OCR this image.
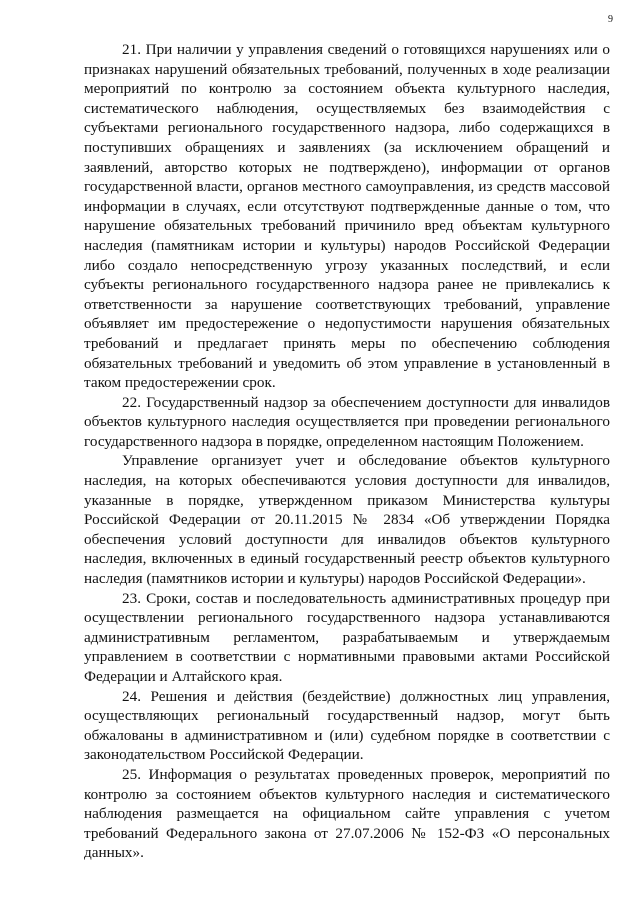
9

21. При наличии у управления сведений о готовящихся нарушениях или о признаках нарушений обязательных требований, полученных в ходе реализации мероприятий по контролю за состоянием объекта культурного наследия, систематического наблюдения, осуществляемых без взаимодействия с субъектами регионального государственного надзора, либо содержащихся в поступивших обращениях и заявлениях (за исключением обращений и заявлений, авторство которых не подтверждено), информации от органов государственной власти, органов местного самоуправления, из средств массовой информации в случаях, если отсутствуют подтвержденные данные о том, что нарушение обязательных требований причинило вред объектам культурного наследия (памятникам истории и культуры) народов Российской Федерации либо создало непосредственную угрозу указанных последствий, и если субъекты регионального государственного надзора ранее не привлекались к ответственности за нарушение соответствующих требований, управление объявляет им предостережение о недопустимости нарушения обязательных требований и предлагает принять меры по обеспечению соблюдения обязательных требований и уведомить об этом управление в установленный в таком предостережении срок.

22. Государственный надзор за обеспечением доступности для инвалидов объектов культурного наследия осуществляется при проведении регионального государственного надзора в порядке, определенном настоящим Положением.

Управление организует учет и обследование объектов культурного наследия, на которых обеспечиваются условия доступности для инвалидов, указанные в порядке, утвержденном приказом Министерства культуры Российской Федерации от 20.11.2015 № 2834 «Об утверждении Порядка обеспечения условий доступности для инвалидов объектов культурного наследия, включенных в единый государственный реестр объектов культурного наследия (памятников истории и культуры) народов Российской Федерации».

23. Сроки, состав и последовательность административных процедур при осуществлении регионального государственного надзора устанавливаются административным регламентом, разрабатываемым и утверждаемым управлением в соответствии с нормативными правовыми актами Российской Федерации и Алтайского края.

24. Решения и действия (бездействие) должностных лиц управления, осуществляющих региональный государственный надзор, могут быть обжалованы в административном и (или) судебном порядке в соответствии с законодательством Российской Федерации.

25. Информация о результатах проведенных проверок, мероприятий по контролю за состоянием объектов культурного наследия и систематического наблюдения размещается на официальном сайте управления с учетом требований Федерального закона от 27.07.2006 № 152-ФЗ «О персональных данных».
